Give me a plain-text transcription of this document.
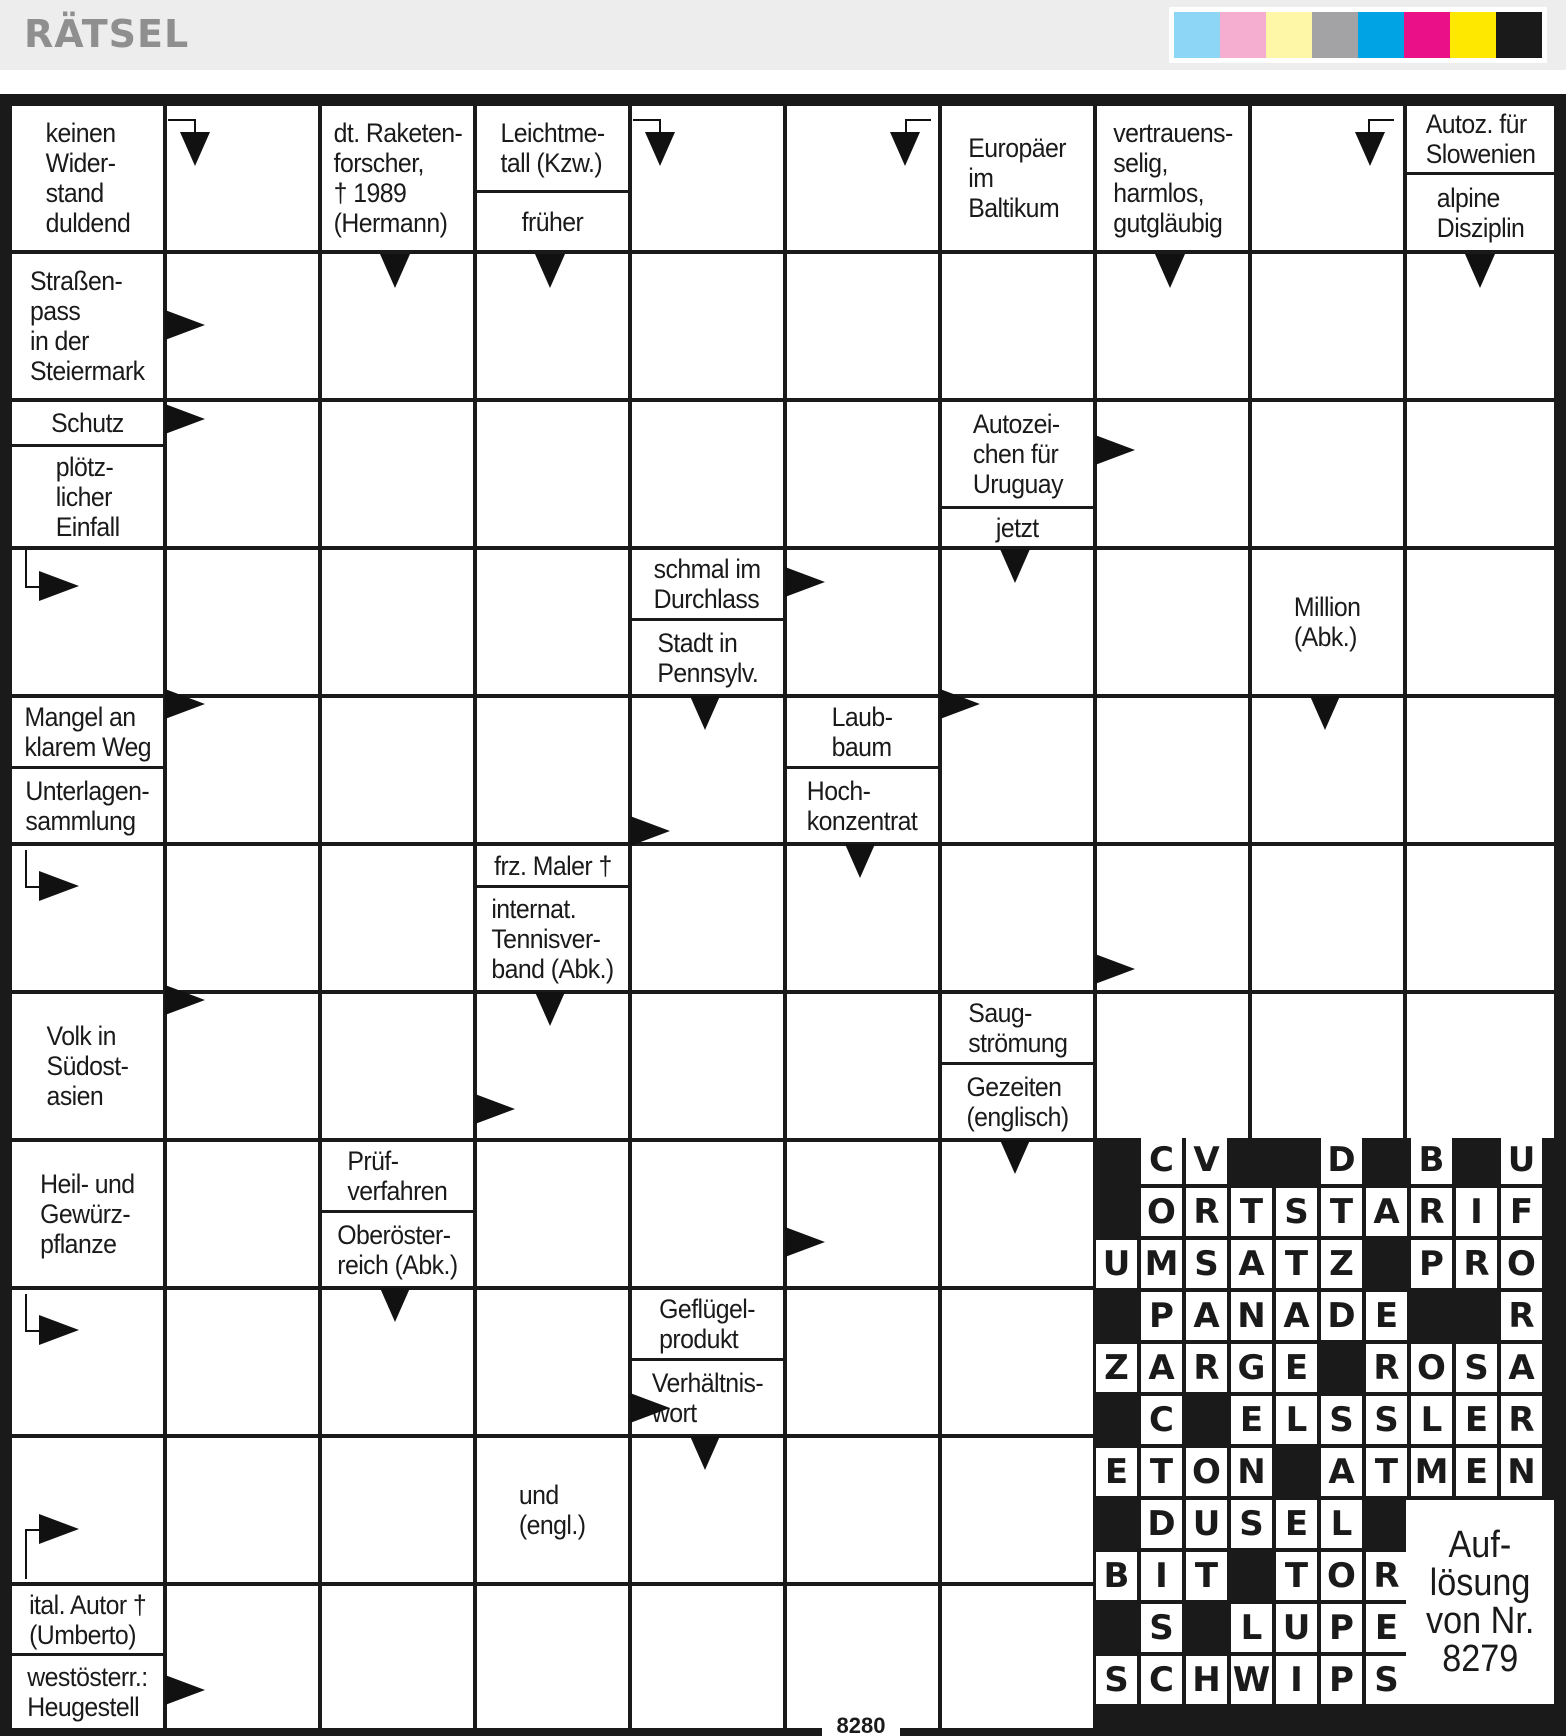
RÄTSEL
keinen
Wider-
stand
duldend
dt. Raketen-
forscher,
† 1989
(Hermann)
Leichtme-
tall (Kzw.)
früher
Europäer
im
Baltikum
vertrauens-
selig,
harmlos,
gutgläubig
Autoz. für
Slowenien
alpine
Disziplin
Straßen-
pass
in der
Steiermark
Schutz
plötz-
licher
Einfall
Autozei-
chen für
Uruguay
jetzt
schmal im
Durchlass
Stadt in
Pennsylv.
Million
(Abk.)
Mangel an
klarem Weg
Unterlagen-
sammlung
Laub-
baum
Hoch-
konzentrat
frz. Maler †
internat.
Tennisver-
band (Abk.)
Volk in
Südost-
asien
Saug-
strömung
Gezeiten
(englisch)
Heil- und
Gewürz-
pflanze
Prüf-
verfahren
Oberöster-
reich (Abk.)
Geflügel-
produkt
Verhältnis-
wort
und
(engl.)
ital. Autor †
(Umberto)
westösterr.:
Heugestell
C V	D B U
O R T S T A R I F
U M S A T Z P R O
P A N A D E	R
Z A R G E R O S A
C E L S S L E R
E T O N A T M E N
D U S E L
B I T T O R
S L U P E
S C H W I P S
Auf-
lösung
von Nr.
8279
8280
